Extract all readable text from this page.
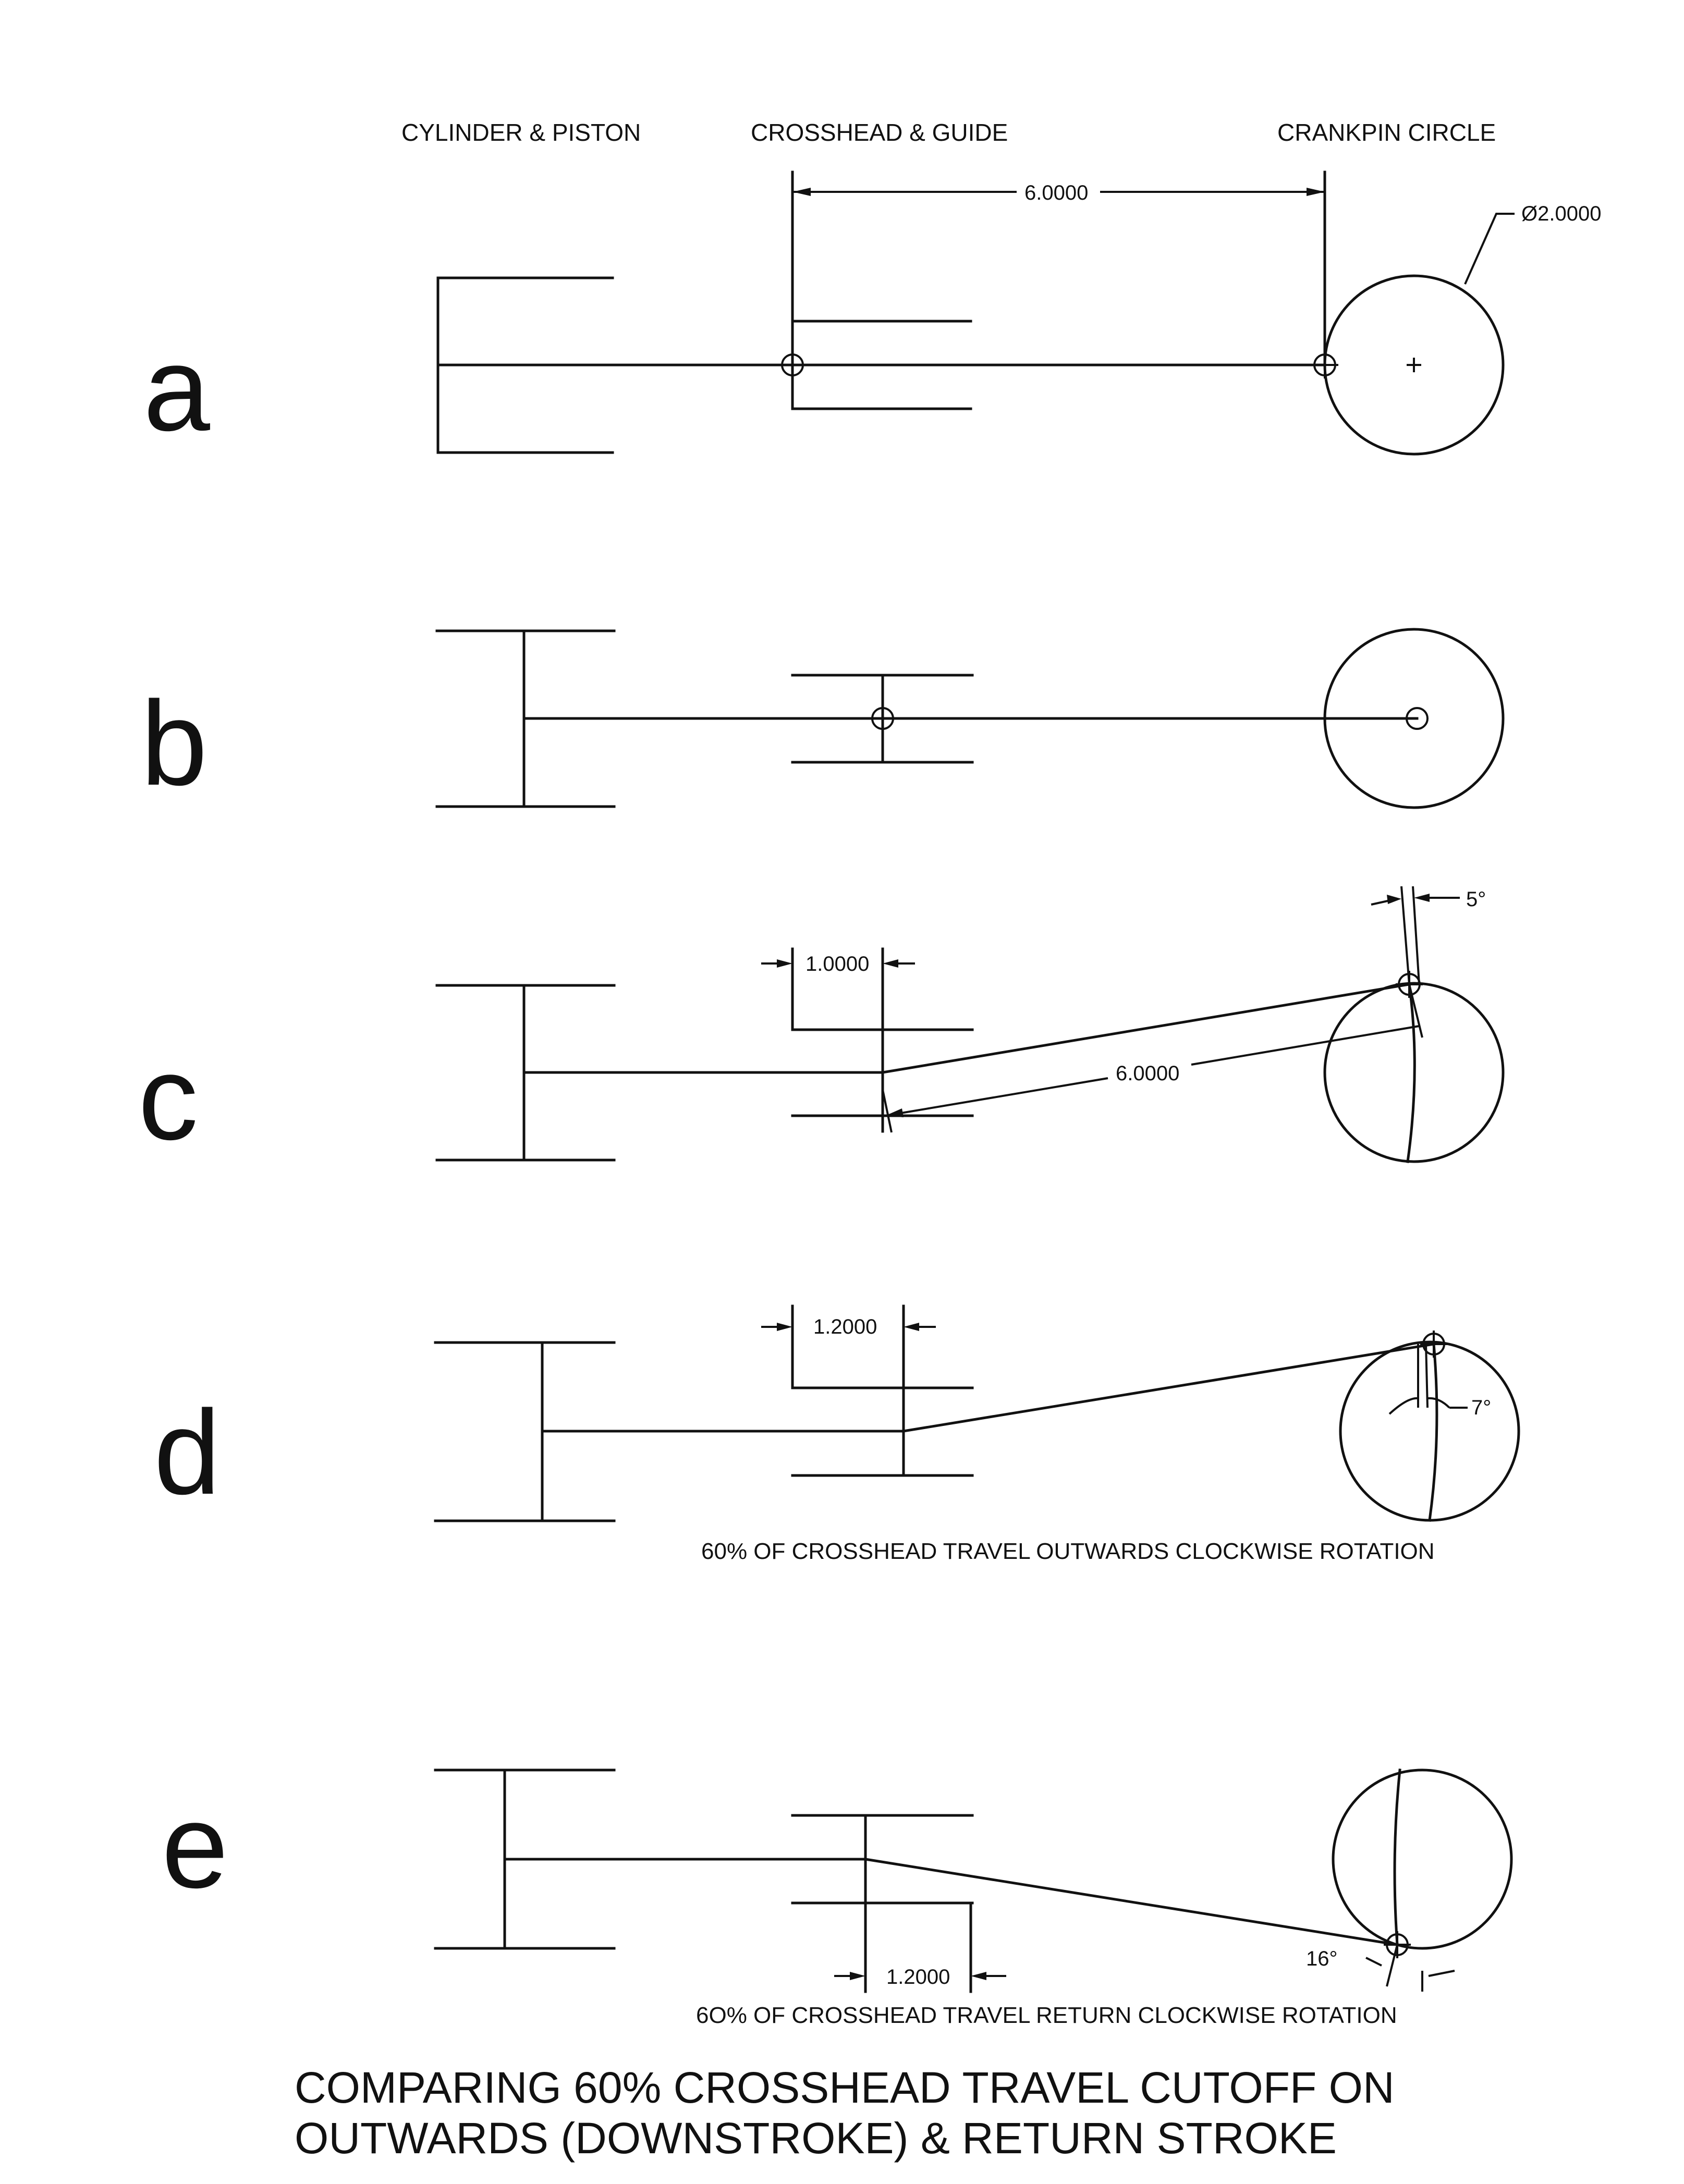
CYLINDER & PISTON	CROSSHEAD & GUIDE	CRANKPIN CIRCLE
a
b
c
d
e
6.0000
Ø2.0000
1.0000
6.0000
5°
1.2000
7°
60% OF CROSSHEAD TRAVEL OUTWARDS CLOCKWISE ROTATION
1.2000
16°
6O% OF CROSSHEAD TRAVEL RETURN CLOCKWISE ROTATION
COMPARING 60% CROSSHEAD TRAVEL CUTOFF ON
OUTWARDS (DOWNSTROKE) & RETURN STROKE
